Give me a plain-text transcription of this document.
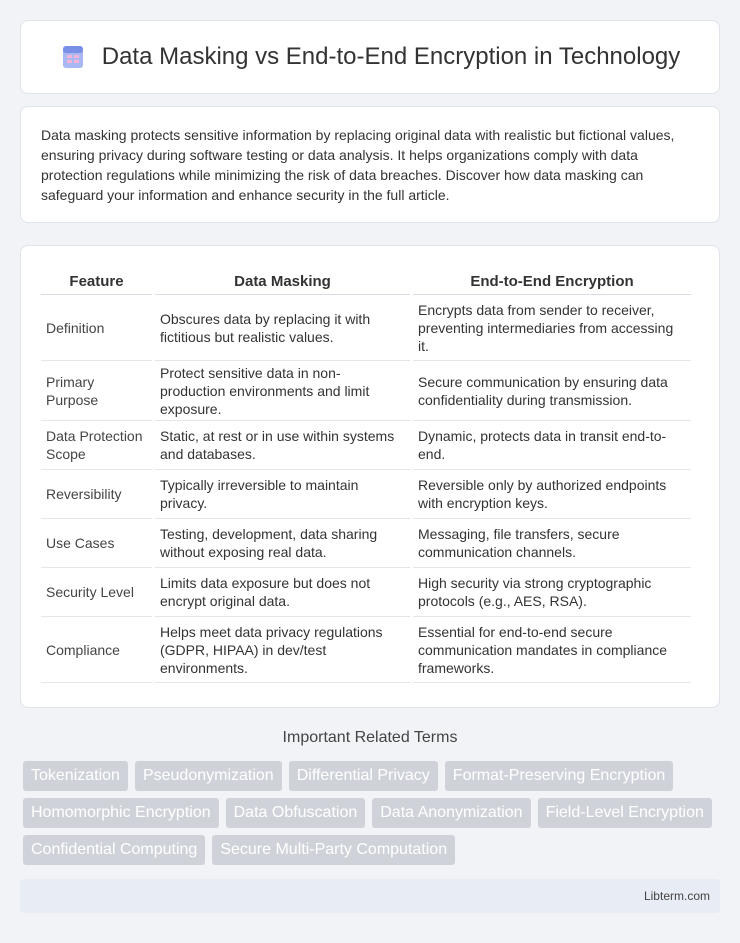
Data Masking vs End-to-End Encryption in Technology

Data masking protects sensitive information by replacing original data with realistic but fictional values, ensuring privacy during software testing or data analysis. It helps organizations comply with data protection regulations while minimizing the risk of data breaches. Discover how data masking can safeguard your information and enhance security in the full article.

Feature	Data Masking	End-to-End Encryption
Definition	Obscures data by replacing it with fictitious but realistic values.	Encrypts data from sender to receiver, preventing intermediaries from accessing it.
Primary Purpose	Protect sensitive data in non-production environments and limit exposure.	Secure communication by ensuring data confidentiality during transmission.
Data Protection Scope	Static, at rest or in use within systems and databases.	Dynamic, protects data in transit end-to-end.
Reversibility	Typically irreversible to maintain privacy.	Reversible only by authorized endpoints with encryption keys.
Use Cases	Testing, development, data sharing without exposing real data.	Messaging, file transfers, secure communication channels.
Security Level	Limits data exposure but does not encrypt original data.	High security via strong cryptographic protocols (e.g., AES, RSA).
Compliance	Helps meet data privacy regulations (GDPR, HIPAA) in dev/test environments.	Essential for end-to-end secure communication mandates in compliance frameworks.
Important Related Terms
Tokenization	Pseudonymization	Differential Privacy	Format-Preserving Encryption
Homomorphic Encryption	Data Obfuscation	Data Anonymization	Field-Level Encryption
Confidential Computing	Secure Multi-Party Computation
Libterm.com
